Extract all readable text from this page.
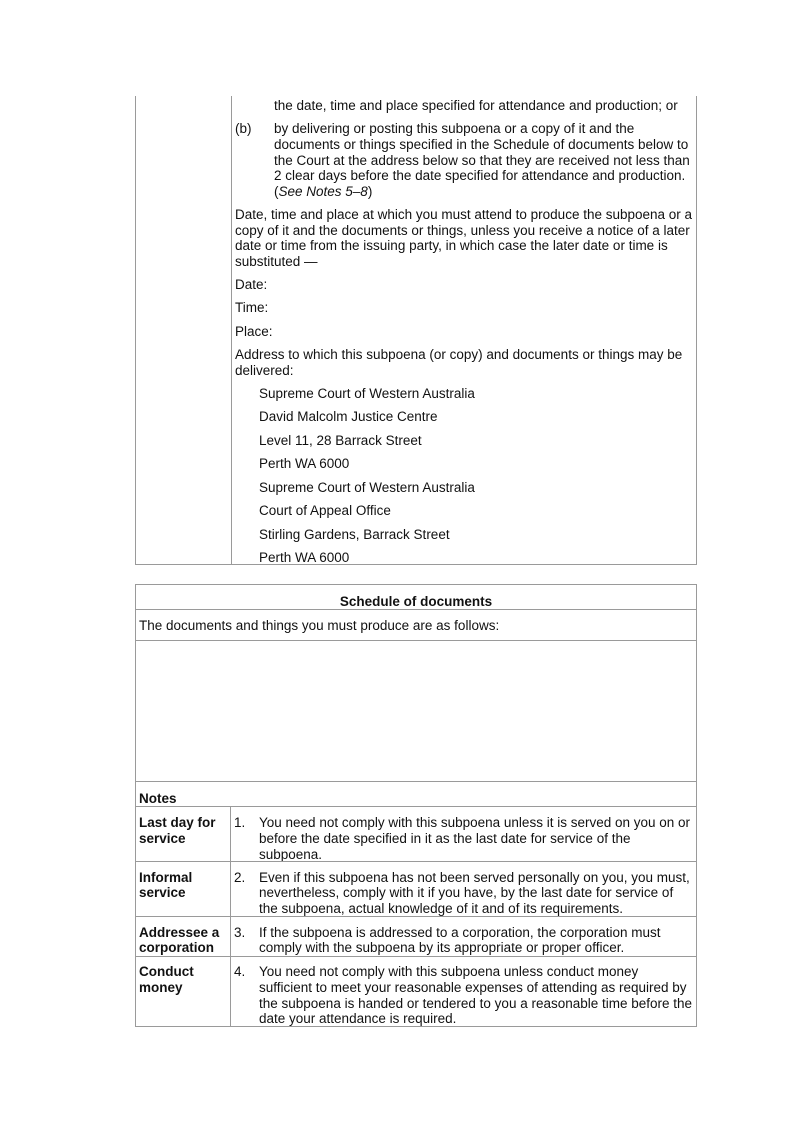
the date, time and place specified for attendance and production; or
(b) by delivering or posting this subpoena or a copy of it and the
documents or things specified in the Schedule of documents below to
the Court at the address below so that they are received not less than
2 clear days before the date specified for attendance and production.
(See Notes 5–8)
Date, time and place at which you must attend to produce the subpoena or a
copy of it and the documents or things, unless you receive a notice of a later
date or time from the issuing party, in which case the later date or time is
substituted —
Date:
Time:
Place:
Address to which this subpoena (or copy) and documents or things may be
delivered:
Supreme Court of Western Australia
David Malcolm Justice Centre
Level 11, 28 Barrack Street
Perth WA 6000
Supreme Court of Western Australia
Court of Appeal Office
Stirling Gardens, Barrack Street
Perth WA 6000
Schedule of documents
The documents and things you must produce are as follows:
Notes
Last day for
service
1. You need not comply with this subpoena unless it is served on you on or
before the date specified in it as the last date for service of the
subpoena.
Informal
service
2. Even if this subpoena has not been served personally on you, you must,
nevertheless, comply with it if you have, by the last date for service of
the subpoena, actual knowledge of it and of its requirements.
Addressee a
corporation
3. If the subpoena is addressed to a corporation, the corporation must
comply with the subpoena by its appropriate or proper officer.
Conduct
money
4. You need not comply with this subpoena unless conduct money
sufficient to meet your reasonable expenses of attending as required by
the subpoena is handed or tendered to you a reasonable time before the
date your attendance is required.
